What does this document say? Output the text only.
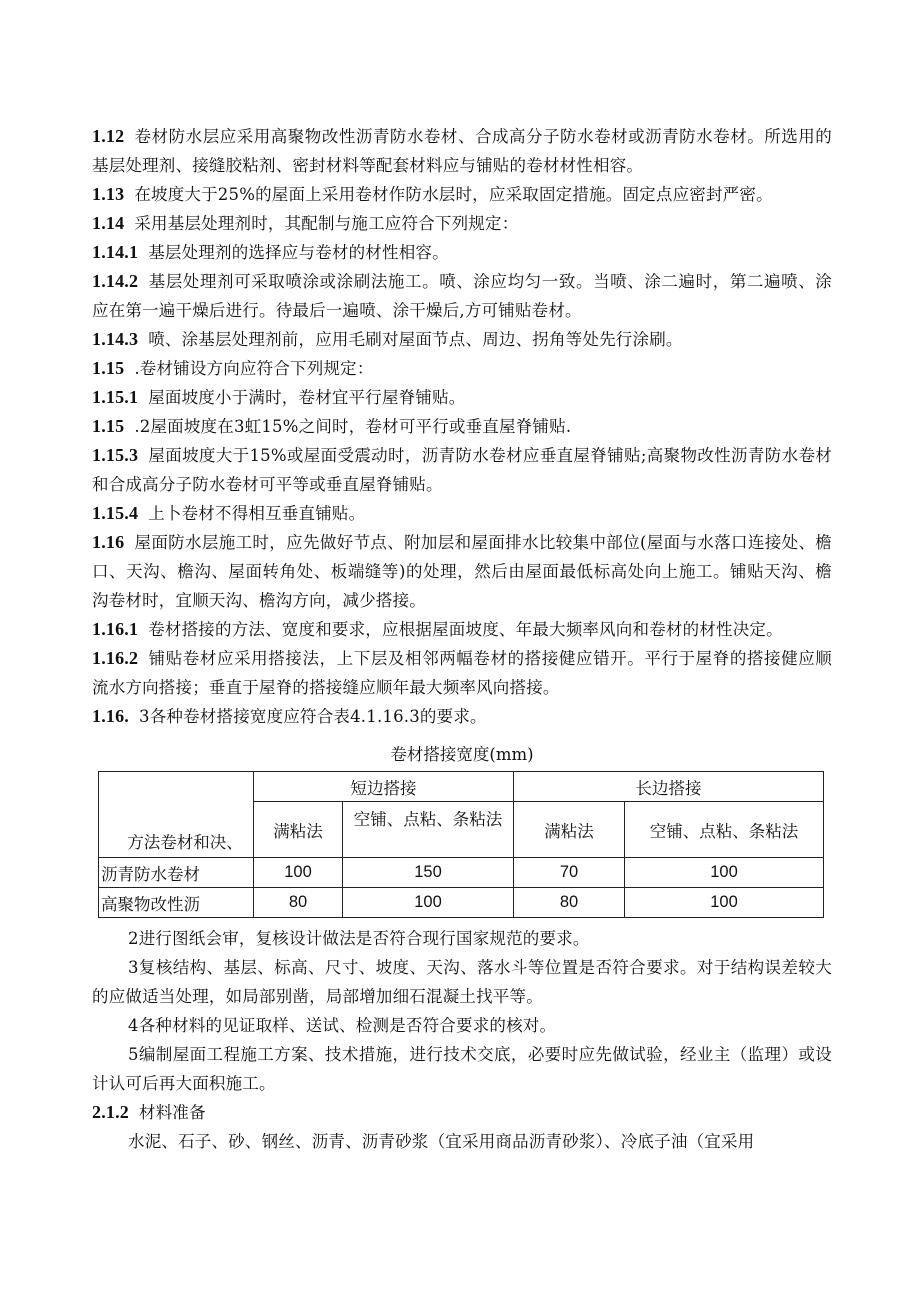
1.12 卷材防水层应采用高聚物改性沥青防水卷材、合成高分子防水卷材或沥青防水卷材。所选用的基层处理剂、接缝胶粘剂、密封材料等配套材料应与铺贴的卷材材性相容。

1.13 在坡度大于25%的屋面上采用卷材作防水层时，应采取固定措施。固定点应密封严密。

1.14 采用基层处理剂时，其配制与施工应符合下列规定：

1.14.1 基层处理剂的选择应与卷材的材性相容。

1.14.2 基层处理剂可采取喷涂或涂刷法施工。喷、涂应均匀一致。当喷、涂二遍时，第二遍喷、涂应在第一遍干燥后进行。待最后一遍喷、涂干燥后,方可铺贴卷材。

1.14.3 喷、涂基层处理剂前，应用毛刷对屋面节点、周边、拐角等处先行涂刷。

1.15 .卷材铺设方向应符合下列规定：

1.15.1 屋面坡度小于满时，卷材宜平行屋脊铺贴。

1.15 .2屋面坡度在3虹15%之间时，卷材可平行或垂直屋脊铺贴.

1.15.3 屋面坡度大于15%或屋面受震动时，沥青防水卷材应垂直屋脊铺贴;高聚物改性沥青防水卷材和合成高分子防水卷材可平等或垂直屋脊铺贴。

1.15.4 上卜卷材不得相互垂直铺贴。

1.16 屋面防水层施工时，应先做好节点、附加层和屋面排水比较集中部位(屋面与水落口连接处、檐口、天沟、檐沟、屋面转角处、板端缝等)的处理，然后由屋面最低标高处向上施工。铺贴天沟、檐沟卷材时，宜顺天沟、檐沟方向，减少搭接。

1.16.1 卷材搭接的方法、宽度和要求，应根据屋面坡度、年最大频率风向和卷材的材性决定。

1.16.2 铺贴卷材应采用搭接法，上下层及相邻两幅卷材的搭接健应错开。平行于屋脊的搭接健应顺流水方向搭接；垂直于屋脊的搭接缝应顺年最大频率风向搭接。

1.16. 3各种卷材搭接宽度应符合表4.1.16.3的要求。

卷材搭接宽度(mm)
方法卷材和决、	短边搭接		长边搭接	
	满粘法	空铺、点粘、条粘法	满粘法	空铺、点粘、条粘法
沥青防水卷材	100	150	70	100
高聚物改性沥	80	100	80	100

2进行图纸会审，复核设计做法是否符合现行国家规范的要求。

3复核结构、基层、标高、尺寸、坡度、天沟、落水斗等位置是否符合要求。对于结构误差较大的应做适当处理，如局部别凿，局部增加细石混凝土找平等。

4各种材料的见证取样、送试、检测是否符合要求的核对。

5编制屋面工程施工方案、技术措施，进行技术交底，必要时应先做试验，经业主（监理）或设计认可后再大面积施工。

2.1.2 材料准备

水泥、石子、砂、钢丝、沥青、沥青砂浆（宜采用商品沥青砂浆）、冷底子油（宜采用
